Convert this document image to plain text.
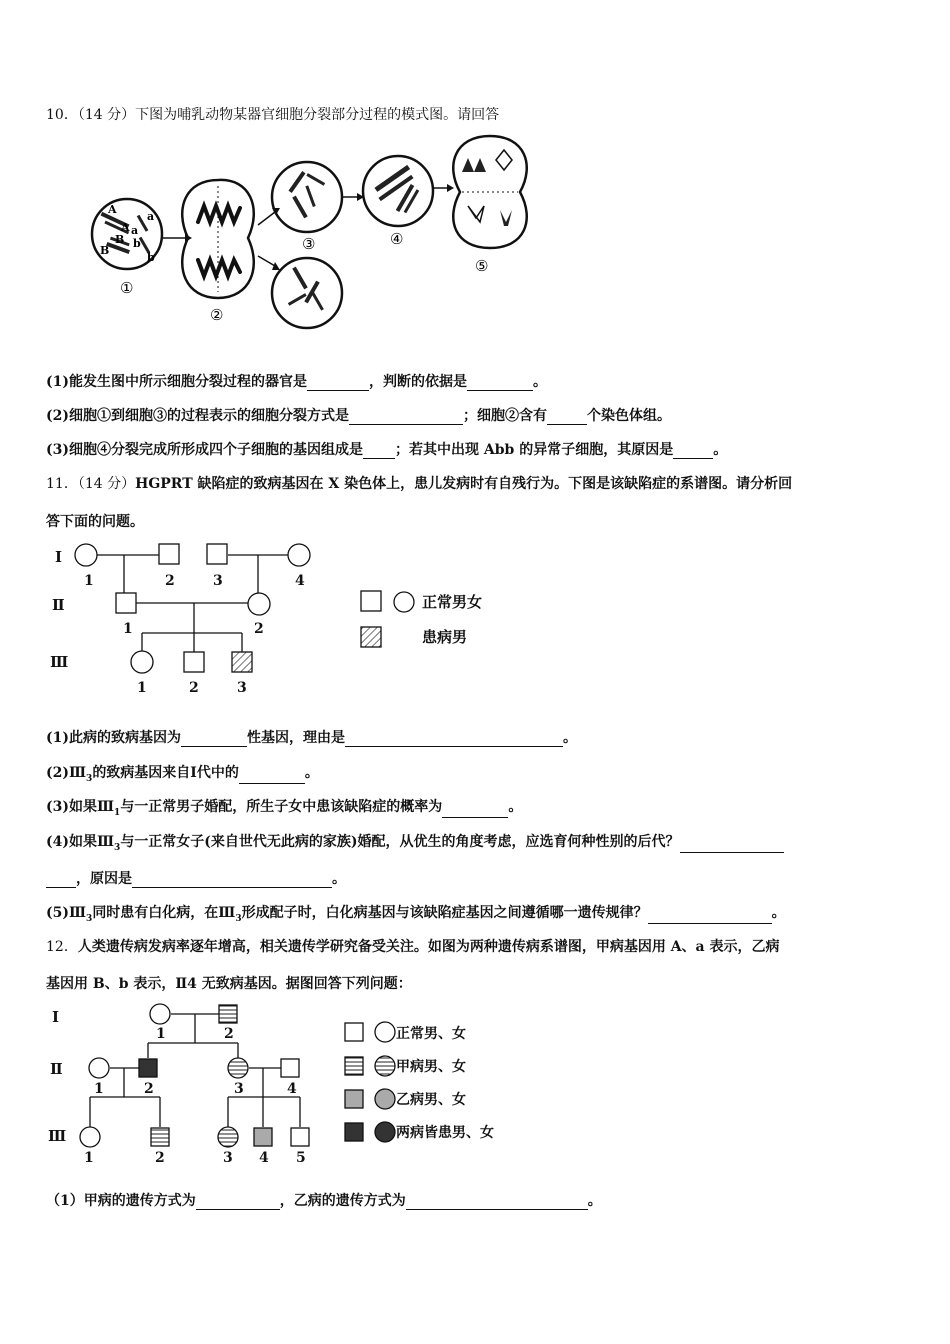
10．（14 分）下图为哺乳动物某器官细胞分裂部分过程的模式图。请回答
A
a
A a
B b
B
b
①
②
③	④
⑤
(1)能发生图中所示细胞分裂过程的器官是	，判断的依据是	。
(2)细胞①到细胞③的过程表示的细胞分裂方式是	；细胞②含有	个染色体组。
(3)细胞④分裂完成所形成四个子细胞的基因组成是 ；若其中出现 Abb 的异常子细胞，其原因是	。
11．（14 分）HGPRT 缺陷症的致病基因在 X 染色体上，患儿发病时有自残行为。下图是该缺陷症的系谱图。请分析回
答下面的问题。
Ⅰ
Ⅱ
Ⅲ
1	2	3	4
1	2
1	2	3
正常男女
患病男
(1)此病的致病基因为	性基因，理由是	。
$(2)Ⅲ_3$的致病基因来自Ⅰ代中的	。
(3)如果$Ⅲ_1$与一正常男子婚配，所生子女中患该缺陷症的概率为	。
(4)如果$Ⅲ_3$与一正常女子(来自世代无此病的家族)婚配，从优生的角度考虑，应选育何种性别的后代？
，原因是	。
$(5)Ⅲ_3$同时患有白化病，在$Ⅲ_3$形成配子时，白化病基因与该缺陷症基因之间遵循哪一遗传规律？	。
12．人类遗传病发病率逐年增高，相关遗传学研究备受关注。如图为两种遗传病系谱图，甲病基因用 A、a 表示，乙病
基因用 B、b 表示，Ⅱ4 无致病基因。据图回答下列问题：
Ⅰ
Ⅱ
Ⅲ
1	2
1	2	3	4
1	2	3 4 5
正常男、女
甲病男、女
乙病男、女
两病皆患男、女
（1）甲病的遗传方式为	，乙病的遗传方式为	。
